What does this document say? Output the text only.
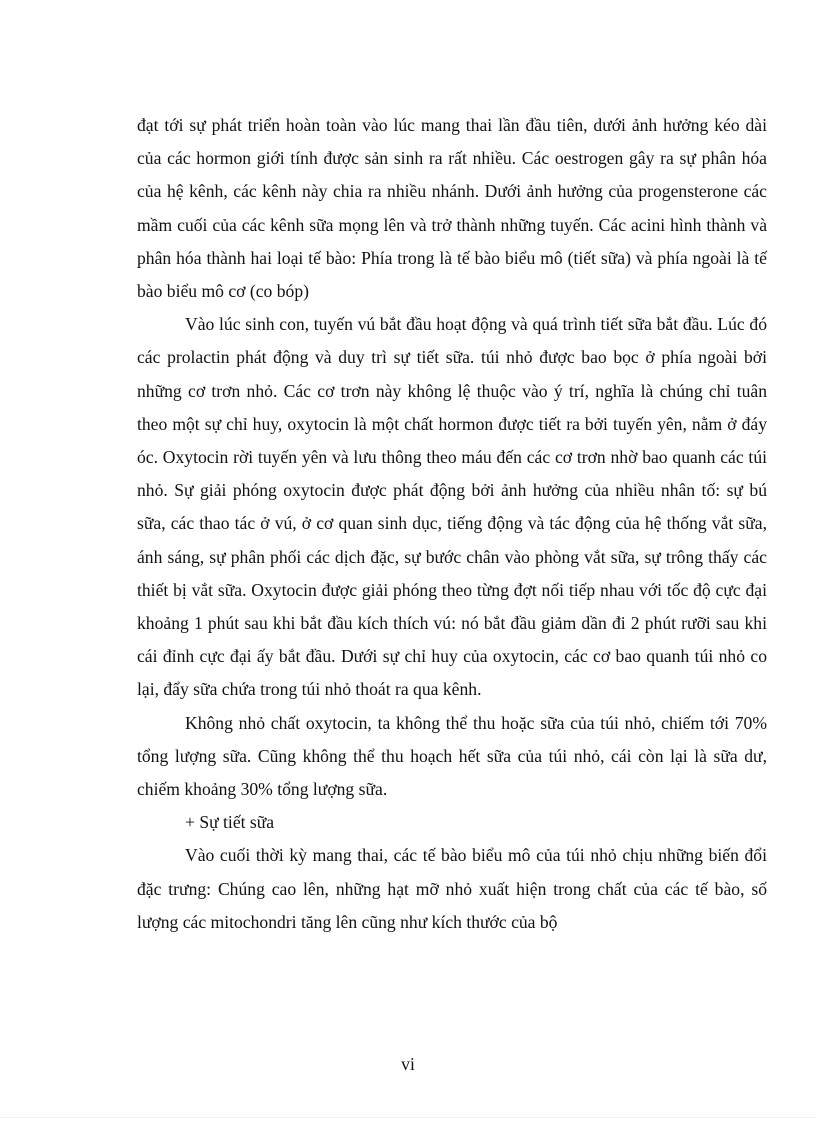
đạt tới sự phát triển hoàn toàn vào lúc mang thai lần đầu tiên, dưới ảnh hưởng kéo dài của các hormon giới tính được sản sinh ra rất nhiều. Các oestrogen gây ra sự phân hóa của hệ kênh, các kênh này chia ra nhiều nhánh. Dưới ảnh hưởng của progensterone các mầm cuối của các kênh sữa mọng lên và trở thành những tuyến. Các acini hình thành và phân hóa thành hai loại tế bào: Phía trong là tế bào biểu mô (tiết sữa) và phía ngoài là tế bào biểu mô cơ (co bóp)

Vào lúc sinh con, tuyến vú bắt đầu hoạt động và quá trình tiết sữa bắt đầu. Lúc đó các prolactin phát động và duy trì sự tiết sữa. túi nhỏ được bao bọc ở phía ngoài bởi những cơ trơn nhỏ. Các cơ trơn này không lệ thuộc vào ý trí, nghĩa là chúng chỉ tuân theo một sự chỉ huy, oxytocin là một chất hormon được tiết ra bởi tuyến yên, nằm ở đáy óc. Oxytocin rời tuyến yên và lưu thông theo máu đến các cơ trơn nhờ bao quanh các túi nhỏ. Sự giải phóng oxytocin được phát động bởi ảnh hưởng của nhiều nhân tố: sự bú sữa, các thao tác ở vú, ở cơ quan sinh dục, tiếng động và tác động của hệ thống vắt sữa, ánh sáng, sự phân phối các dịch đặc, sự bước chân vào phòng vắt sữa, sự trông thấy các thiết bị vắt sữa. Oxytocin được giải phóng theo từng đợt nối tiếp nhau với tốc độ cực đại khoảng 1 phút sau khi bắt đầu kích thích vú: nó bắt đầu giảm dần đi 2 phút rưỡi sau khi cái đỉnh cực đại ấy bắt đầu. Dưới sự chỉ huy của oxytocin, các cơ bao quanh túi nhỏ co lại, đẩy sữa chứa trong túi nhỏ thoát ra qua kênh.

Không nhỏ chất oxytocin, ta không thể thu hoặc sữa của túi nhỏ, chiếm tới 70% tổng lượng sữa. Cũng không thể thu hoạch hết sữa của túi nhỏ, cái còn lại là sữa dư, chiếm khoảng 30% tổng lượng sữa.

+ Sự tiết sữa

Vào cuối thời kỳ mang thai, các tế bào biểu mô của túi nhỏ chịu những biến đổi đặc trưng: Chúng cao lên, những hạt mỡ nhỏ xuất hiện trong chất của các tế bào, số lượng các mitochondri tăng lên cũng như kích thước của bộ

vi
